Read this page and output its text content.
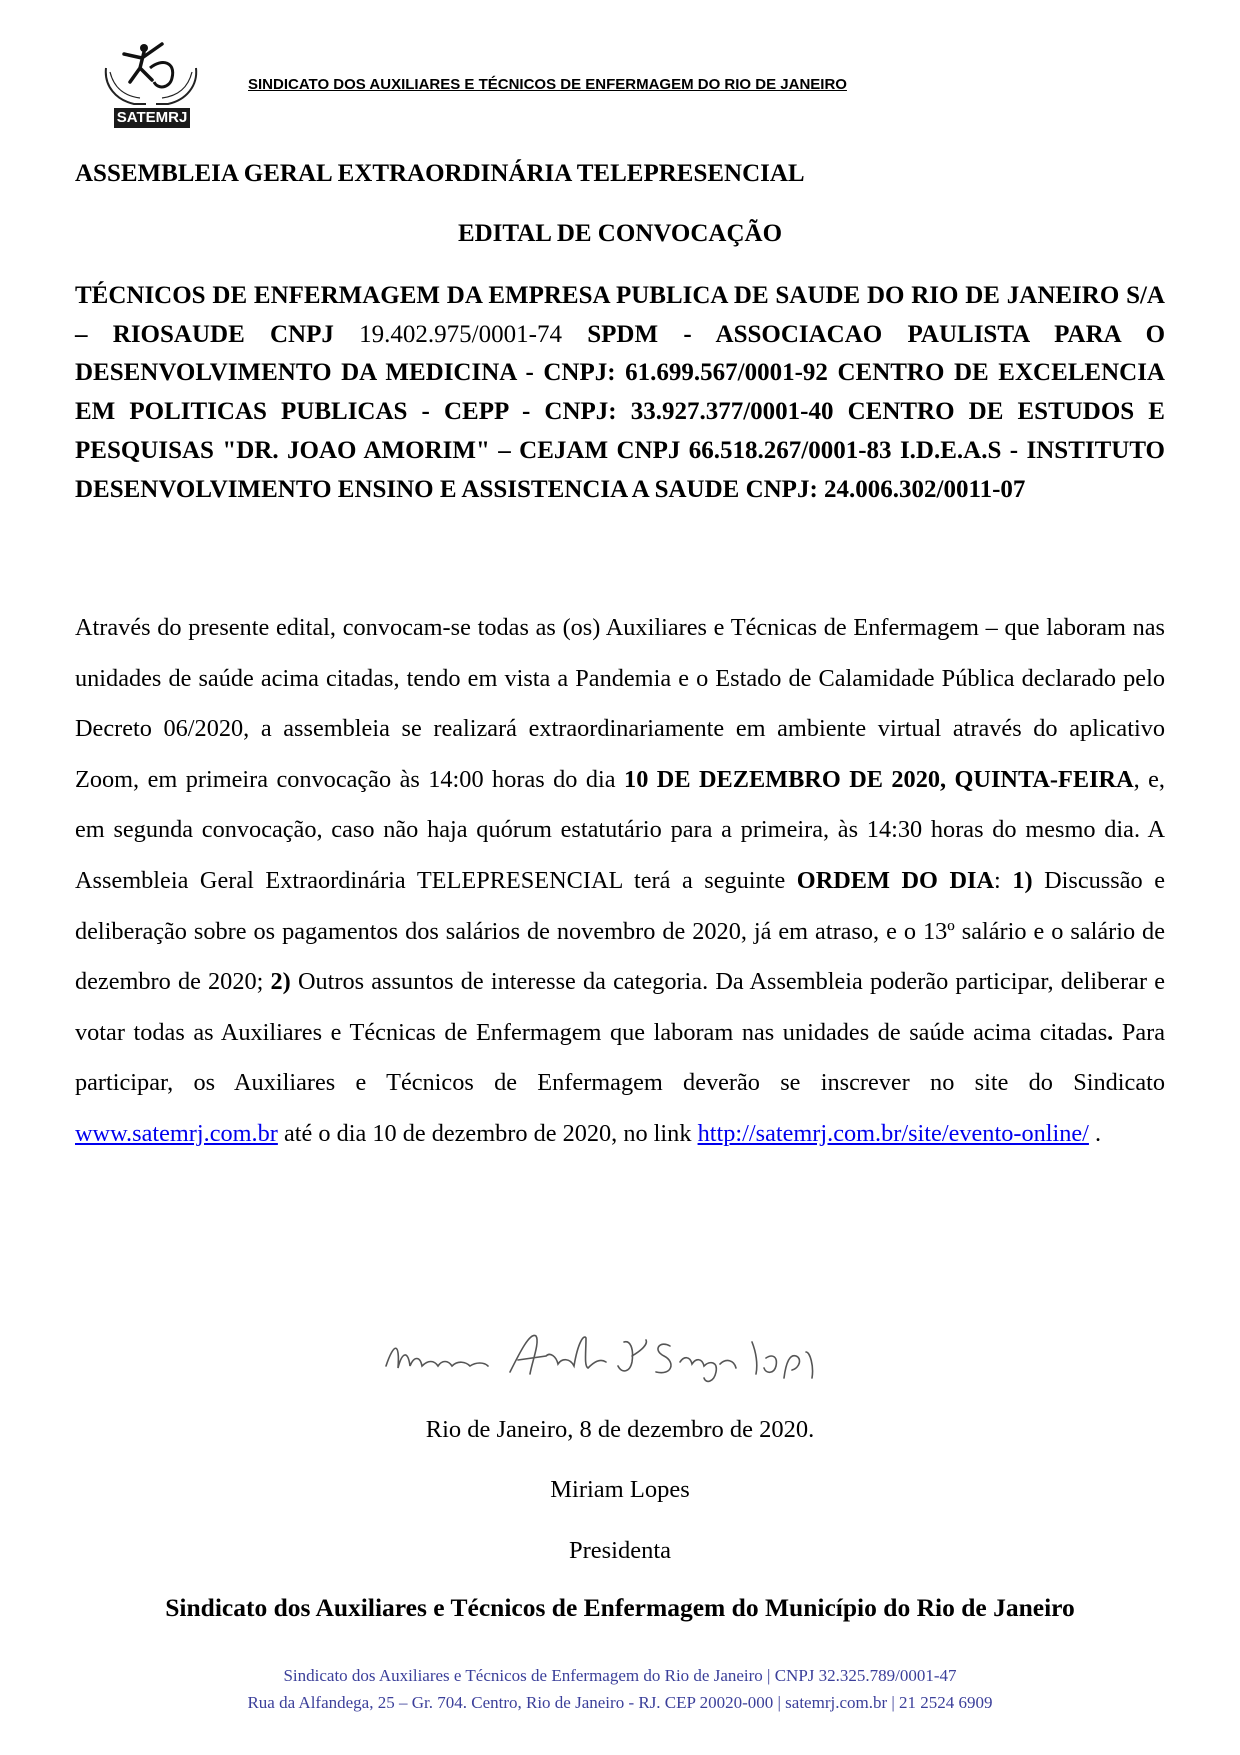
SATEMRJ
SINDICATO DOS AUXILIARES E TÉCNICOS DE ENFERMAGEM DO RIO DE JANEIRO
ASSEMBLEIA GERAL EXTRAORDINÁRIA TELEPRESENCIAL
EDITAL DE CONVOCAÇÃO
TÉCNICOS DE ENFERMAGEM DA EMPRESA PUBLICA DE SAUDE DO RIO DE JANEIRO S/A – RIOSAUDE CNPJ 19.402.975/0001-74 SPDM - ASSOCIACAO PAULISTA PARA O DESENVOLVIMENTO DA MEDICINA - CNPJ: 61.699.567/0001-92 CENTRO DE EXCELENCIA EM POLITICAS PUBLICAS - CEPP - CNPJ: 33.927.377/0001-40 CENTRO DE ESTUDOS E PESQUISAS "DR. JOAO AMORIM" – CEJAM CNPJ 66.518.267/0001-83 I.D.E.A.S - INSTITUTO DESENVOLVIMENTO ENSINO E ASSISTENCIA A SAUDE CNPJ: 24.006.302/0011-07
Através do presente edital, convocam-se todas as (os) Auxiliares e Técnicas de Enfermagem – que laboram nas unidades de saúde acima citadas, tendo em vista a Pandemia e o Estado de Calamidade Pública declarado pelo Decreto 06/2020, a assembleia se realizará extraordinariamente em ambiente virtual através do aplicativo Zoom, em primeira convocação às 14:00 horas do dia 10 DE DEZEMBRO DE 2020, QUINTA-FEIRA, e, em segunda convocação, caso não haja quórum estatutário para a primeira, às 14:30 horas do mesmo dia. A Assembleia Geral Extraordinária TELEPRESENCIAL terá a seguinte ORDEM DO DIA: 1) Discussão e deliberação sobre os pagamentos dos salários de novembro de 2020, já em atraso, e o 13º salário e o salário de dezembro de 2020; 2) Outros assuntos de interesse da categoria. Da Assembleia poderão participar, deliberar e votar todas as Auxiliares e Técnicas de Enfermagem que laboram nas unidades de saúde acima citadas. Para participar, os Auxiliares e Técnicos de Enfermagem deverão se inscrever no site do Sindicato www.satemrj.com.br até o dia 10 de dezembro de 2020, no link http://satemrj.com.br/site/evento-online/ .
Rio de Janeiro, 8 de dezembro de 2020.
Miriam Lopes
Presidenta
Sindicato dos Auxiliares e Técnicos de Enfermagem do Município do Rio de Janeiro
Sindicato dos Auxiliares e Técnicos de Enfermagem do Rio de Janeiro | CNPJ 32.325.789/0001-47
Rua da Alfandega, 25 – Gr. 704. Centro, Rio de Janeiro - RJ. CEP 20020-000 | satemrj.com.br | 21 2524 6909
